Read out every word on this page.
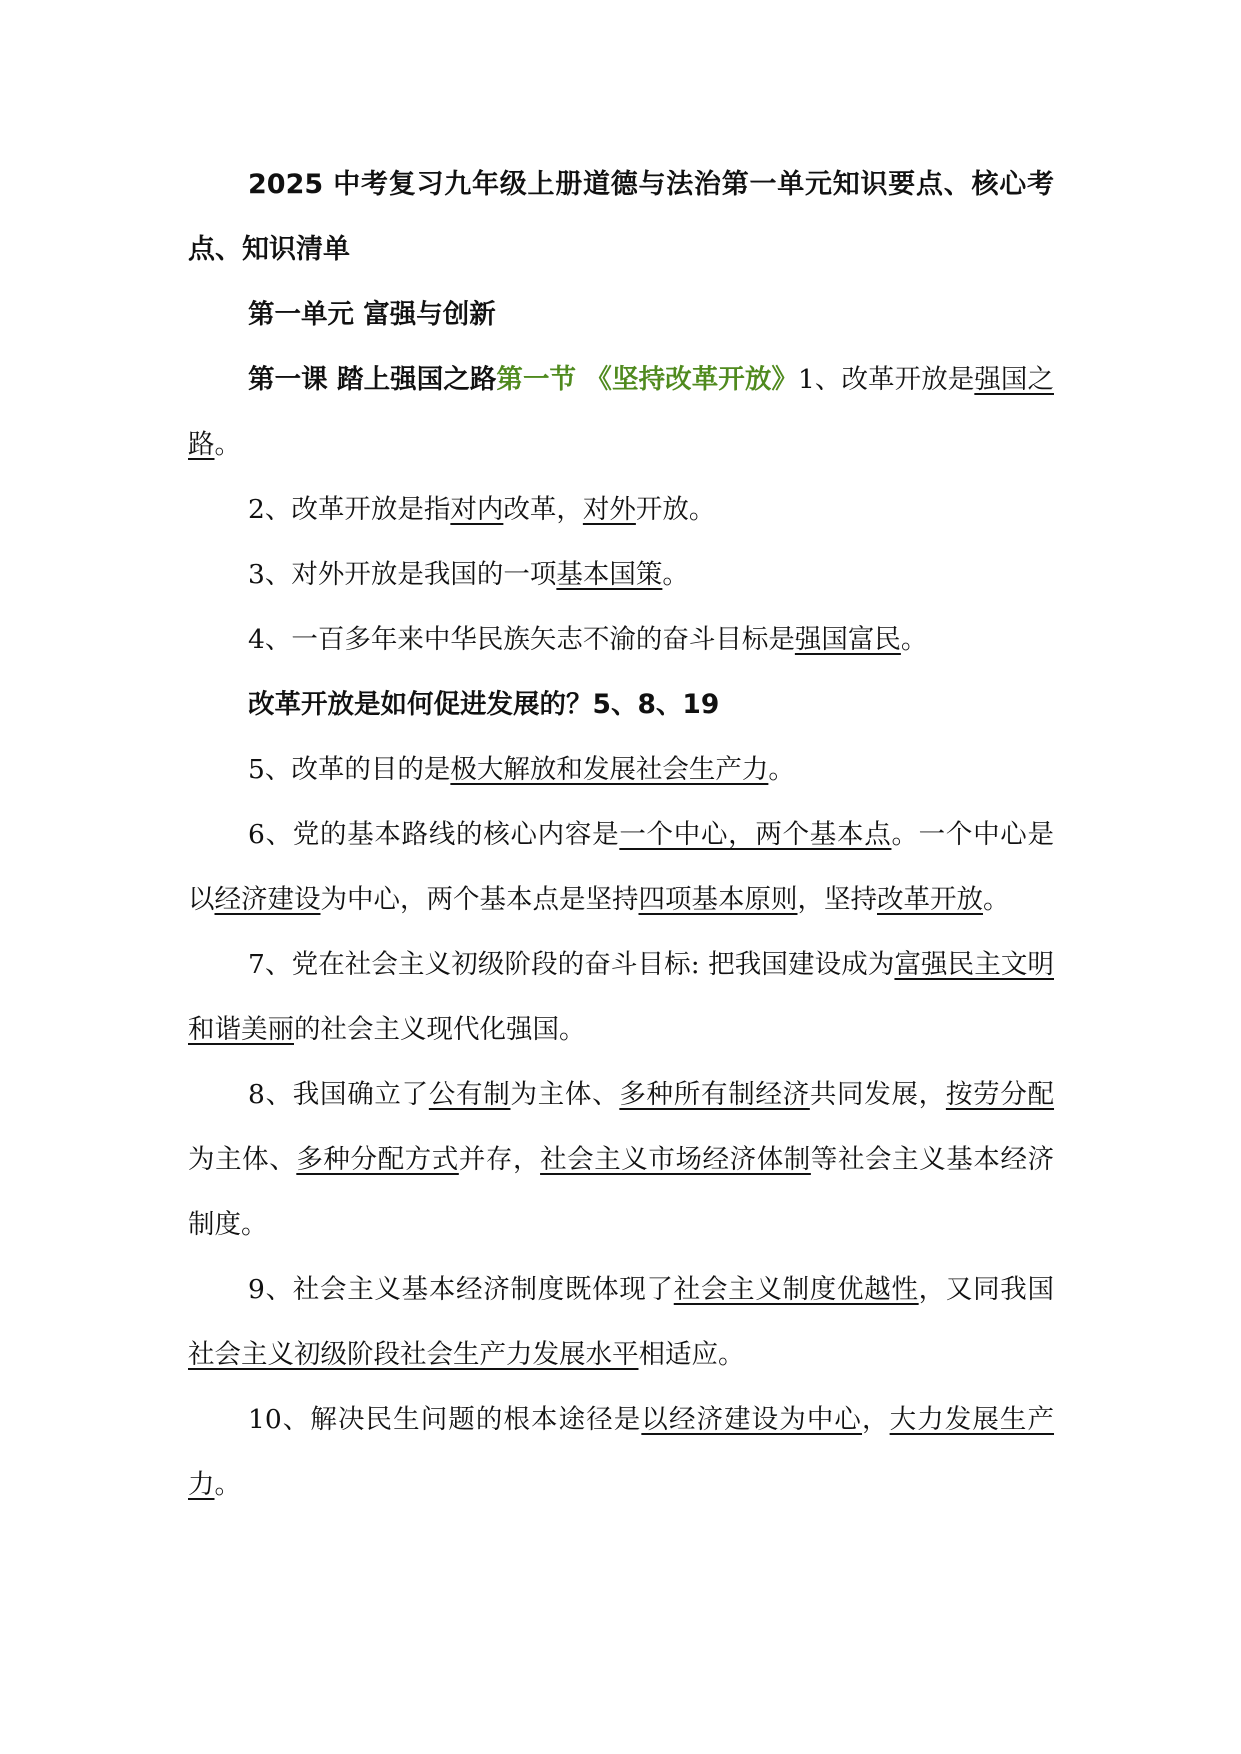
2025 中考复习九年级上册道德与法治第一单元知识要点、核心考点、知识清单

第一单元 富强与创新

第一课 踏上强国之路第一节 《坚持改革开放》1、改革开放是强国之路。

2、改革开放是指对内改革，对外开放。

3、对外开放是我国的一项基本国策。

4、一百多年来中华民族矢志不渝的奋斗目标是强国富民。

改革开放是如何促进发展的？5、8、19

5、改革的目的是极大解放和发展社会生产力。

6、党的基本路线的核心内容是一个中心，两个基本点。一个中心是以经济建设为中心，两个基本点是坚持四项基本原则，坚持改革开放。

7、党在社会主义初级阶段的奋斗目标: 把我国建设成为富强民主文明和谐美丽的社会主义现代化强国。

8、我国确立了公有制为主体、多种所有制经济共同发展，按劳分配为主体、多种分配方式并存，社会主义市场经济体制等社会主义基本经济制度。

9、社会主义基本经济制度既体现了社会主义制度优越性，又同我国社会主义初级阶段社会生产力发展水平相适应。

10、解决民生问题的根本途径是以经济建设为中心，大力发展生产力。
